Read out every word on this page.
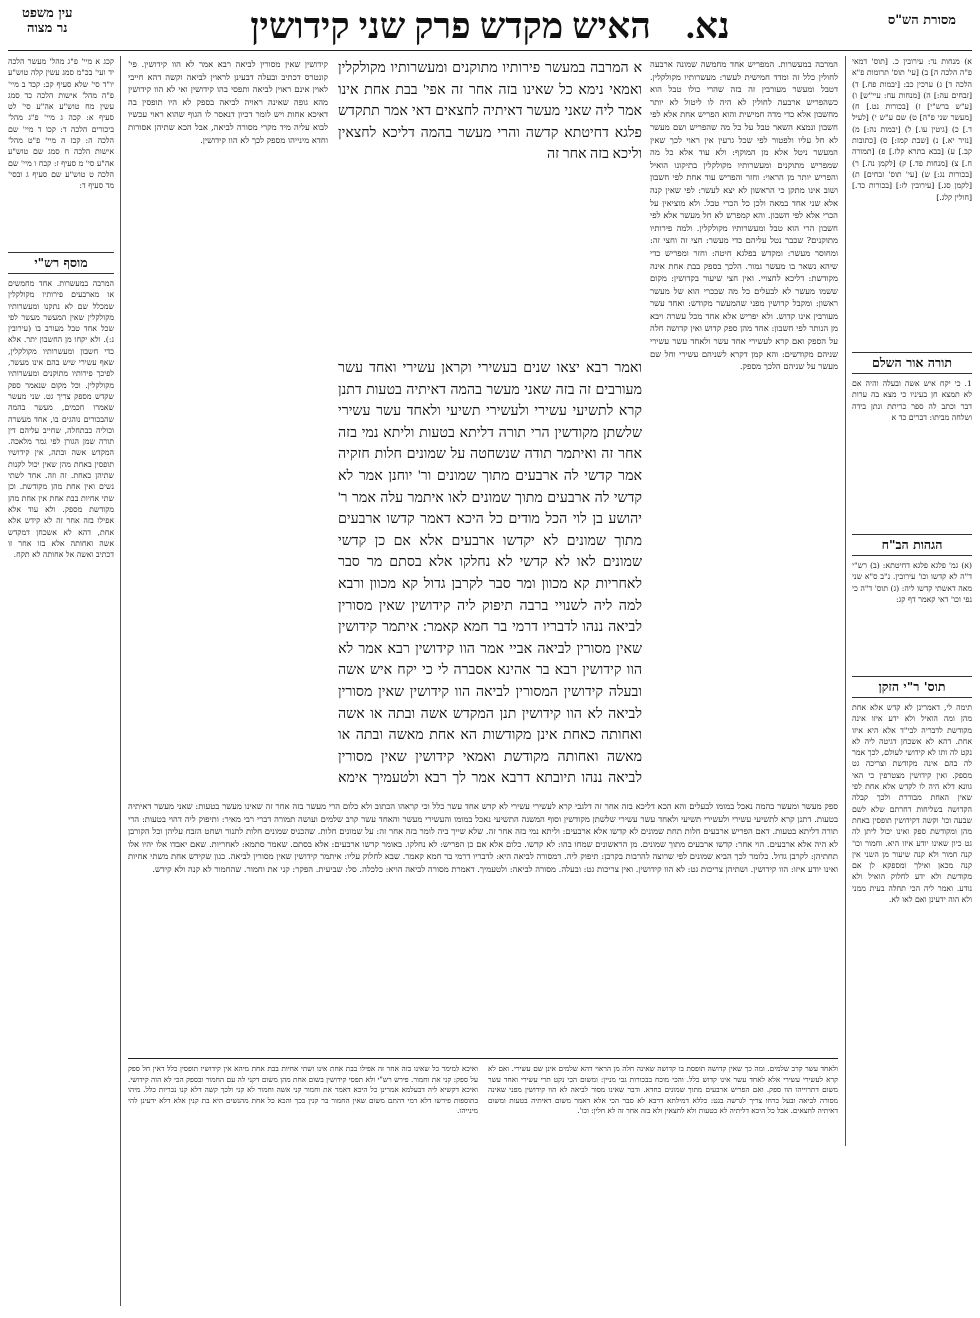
מסורת הש"ס
נא. האיש מקדש פרק שני קידושין
עין משפט
נר מצוה
א) מנחות נד: עירובין כ. [תוס' דמאי פ"ה הלכה ה] ב) [עי' תוס' תרומות פ"א הלכה ד] ג) ערכין כב: [יבמות פח.] ד) [זבחים עה:] ה) [מנחות עח: עיי"ש] ו) [ע"ש ברש"י] ז) [בכורות נט.] ח) [מעשר שני פ"ה] ט) שם ע"ש י) [לעיל ד.] כ) [גיטין עו.] ל) [יבמות נה:] מ) [נזיר יא.] נ) [שבת קמז:] ס) [כתובות קב.] ע) [בבא בתרא קלז.] פ) [תמורה ח.] צ) [מנחות פד.] ק) [לקמן נה.] ר) [בכורות נג:] ש) [עי' תוס' זבחים] ת) [לקמן סג.] [עירובין לז:] [בכורות כד.] [חולין קלג.]
תורה אור השלם
1. כי יקח איש אשה ובעלה והיה אם לא תמצא חן בעיניו כי מצא בה ערות דבר וכתב לה ספר כריתת ונתן בידה ושלחה מביתו: דברים כד א
הגהות הב"ח
(א) גמ' פלגא פלגא דחיטתא: (ב) רש"י ד"ה לא קדשו וכו' עירובין. נ"ב ס"א שני מאה דאשתי קדשו ליה: (ג) תוס' ד"ה כי נפי וכו' דאי קאמר דף קג:
תוס' ר"י הזקן
תימה לי, דאמרינן לא קדש אלא אחת מהן ומה הואיל ולא ידע איזו אינה מקודשת לדבריה לבי"ד אלא היא איזו אחת. דהא לא אשכחן דגיטה ליה לא נקט לה ותו לא קידושי לעולם, לכך אמר לה בהם אינה מקודשת וצריכה גט מספק. ואין קידושין מצטרפין כי האי גוונא דלא היה לו לקדש אלא אחת לפי שאין האחת מבוררת ולכך קבלה הקדושה בשליחות דחרתם שלא לשם שבעה וכו' וקשה דקידושין תופסין באחת מהן ומקודשת ספק ואינו יכול ליתן לה גט כיון שאינו יודע איזו היא. וחמור וכו' קנה חמור ולא קנה שיעור מן השני אין קנה מכאן ואילך ומספקא לן אם מקודשת ולא ידע לחלוק הואיל ולא נודע. ואמר ליה הכי תחלה בעית ממני ולא הוה ידעינן ואם לאו לא.
קכג א מיי' פ"ג מהל' מעשר הלכה יד ועי' בכ"מ סמג עשין קלה טוש"ע יו"ד סי' שלא סעיף קכ: קכד ב מיי' פ"ה מהל' אישות הלכה כד סמג עשין מח טוש"ע אה"ע סי' לט סעיף א: קכה ג מיי' פ"ג מהל' ביכורים הלכה ד: קכו ד מיי' שם הלכה ה: קכז ה מיי' פ"ט מהל' אישות הלכה ח סמג שם טוש"ע אה"ע סי' מ סעיף ז: קכח ו מיי' שם הלכה ט טוש"ע שם סעיף ג ובסי' מד סעיף ד:
מוסף רש"י
המרבה במעשרות. אחד מחמשים או מארבעים פירותיו מקולקלין שמכלל שם לא נתקנו ומעשרותיו מקולקלין שאין המעשר מעשר לפי שכל אחד טבל מעורב בו (עירובין נ:). ולא יקחו מן החשבון יתר. אלא כדי חשבון ומעשרותיו מקולקלין, שאף עשירי שיש בהם אינו מעשר, לפיכך פירותיו מתוקנים ומעשרותיו מקולקלין. וכל מקום שנאמר ספק שקדש מספק צריך גט. שני מעשר שאמרו חכמים, מעשר בהמה שהבכורים נוהגים בו, אחד מעשרה וכוליה כבתחלה, שחייב עליהם דין תורה שמן הגורן לפי גמר מלאכה. המקדש אשה ובתה, אין קידושיו תופסין באחת מהן שאין יכול לקנות שתיהן כאחת. זה וזה. אחד לשתי נשים ואין אחת מהן מקודשת. וכן שתי אחיות בבת אחת אין אחת מהן מקודשת מספק. ולא עוד אלא אפילו בזה אחר זה לא קידש אלא אחת, דהא לא אשכחן דמקדש אשה ואחותה אלא בזו אחר זו דכתיב ואשה אל אחותה לא תקח.
המרבה במעשרות. המפריש אחד מחמשה שמונה ארבעה לחולין כלל זה ומדד חמישית לעשר: מעשרותיו מקולקלין. דטבל ומעשר מעורבין זה בזה שהרי כולו טבל הוא כשהפריש ארבעה לחולין לא היה לו ליטול לא יותר מחשבון אלא כדי מדה חמישית והוא הפריש אחת אלא לפי חשבון ונמצא השאר טבל על כל מה שהפריש ושם מעשר לא חל עליו ולפטור לפי שכל גרעין אין ראוי לכך שאין המעשר ניטל אלא מן המוקף: ולא עוד אלא כל מה שמפריש מתוקנים ומעשרותיו מקולקלין בתיקונו הואיל והפריש יותר מן הראוי: וחזר והפריש עוד אחת לפי חשבון ושוב אינו מתקן כי הראשון לא יצא לעשר: לפי שאין קנה אלא שני אחד במאה ולכן כל הכרי טבל. ולא מוציאין על הכרי אלא לפי חשבון. והא קמפרש לא חל מעשר אלא לפי חשבון הרי הוא טבל ומעשרותיו מקולקלין. ולמה פירותיו מתוקנים? שכבר נטל עליהם כדי מעשר: חצי זה וחצי זה: ומחוסר מעשר: ומקדש בפלגא חיטה: וחזר ומפריש כדי שיהא נשאר בו מעשר גמור. הלכך בספק בבת אחת אינה מקודשת: דליכא לחצויי. ואין חצי שיעור בקדושין: מקום ששמו מעשר לא לבעלים כל מה שבכרי הוא של מעשר ראשון: ומקבל קדושין מפני שהמעשר מקודש: ואחד עשר מעורבין אינו קדוש. ולא יפריש אלא אחד מכל עשרה ויבא מן הנותר לפי חשבון: אחד מהן ספק קדוש ואין קדושה חלה על הספק ואם קרא לעשירי אחד עשר ולאחד עשר עשירי שניהם מקודשים: והא קמן דקרא לשניהם עשירי וחל שם מעשר על שניהם הלכך מספק.
קידושין שאין מסורין לביאה רבא אמר לא הוו קידושין. פי' קונטרס דכתיב ובעלה דבעינן לראוין לביאה וקשה דהא חייבי לאוין אינם ראוין לביאה ותפסי בהו קידושין ואי לא הוו קידושין מהא גופה שאינה ראויה לביאה בספק לא היו תופסין בה דאיכא אחות ויש לומר דכיון דנאסר לו הגוף שהוא ראוי עכשיו לבוא עליה מיד מקרי מסורה לביאה, אבל הכא שתיהן אסורות וחדא מינייהו מספק לכך לא הוו קידושין.
א המרבה במעשר פירותיו מתוקנים ומעשרותיו מקולקלין ואמאי נימא כל שאינו בזה אחר זה אפי' בבת אחת אינו אמר ליה שאני מעשר דאיתיה לחצאים דאי אמר תתקדש פלגא דחיטתא קדשה והרי מעשר בהמה דליכא לחצאין וליכא בזה אחר זה
ואמר רבא יצאו שנים בעשירי וקראן עשירי ואחד עשר מעורבים זה בזה שאני מעשר בהמה דאיתיה בטעות דתנן קרא לתשיעי עשירי ולעשירי תשיעי ולאחד עשר עשירי שלשתן מקודשין הרי תורה דליתא בטעות וליתא נמי בזה אחר זה ואיתמר תודה שנשחטה על שמונים חלות חזקיה אמר קדשי לה ארבעים מתוך שמונים ור' יוחנן אמר לא קדשי לה ארבעים מתוך שמונים לאו איתמר עלה אמר ר' יהושע בן לוי הכל מודים כל היכא דאמר קדשו ארבעים מתוך שמונים לא יקדשו ארבעים אלא אם כן קדשי שמונים לאו לא קדשי לא נחלקו אלא בסתם מר סבר לאחריות קא מכוון ומר סבר לקרבן גדול קא מכוון ורבא למה ליה לשנויי ברבה תיפוק ליה קידושין שאין מסורין לביאה ננהו לדבריו דרמי בר חמא קאמר: איתמר קידושין שאין מסורין לביאה אביי אמר הוו קידושין רבא אמר לא הוו קידושין רבא בר אהינא אסברה לי כי יקח איש אשה ובעלה קידושין המסורין לביאה הוו קידושין שאין מסורין לביאה לא הוו קידושין תנן המקדש אשה ובתה או אשה ואחותה כאחת אינן מקודשות הא אחת מאשה ובתה או מאשה ואחותה מקודשת ואמאי קידושין שאין מסורין לביאה ננהו תיובתא דרבא אמר לך רבא ולטעמיך אימא
ספק מעשר ומעשר בהמה נאכל במומו לבעלים והא הכא דליכא בזה אחר זה דלגבי קרא לעשירי עשירי לא קדש אחד עשר כלל וכי קראהו הכתוב ולא כלום הרי מעשר בזה אחר זה שאינו מעשר בטעות: שאני מעשר דאיתיה בטעות. דתנן קרא לתשיעי עשירי ולעשירי תשיעי ולאחד עשר עשירי שלשתן מקודשין וסוף המשנה התשיעי נאכל במומו והעשירי מעשר והאחד עשר קרב שלמים ועושה תמורה דברי רבי מאיר: ותיפוק ליה דהוי בטעות: הרי תורה דליתא בטעות. דאם הפריש ארבעים חלות תחת שמונים לא קדשו אלא ארבעים: וליתא נמי בזה אחר זה. שלא שייך ביה לומר בזה אחר זה: על שמונים חלות. שהכניס שמונים חלות לתנור ושחט הזבח עליהן וכל הקורבן לא היה אלא ארבעים. הוי אחר: קדשו ארבעים מתוך שמונים. מן הראשונים שמחו בהו: לא קדשו. כלום אלא אם כן הפריש: לא נחלקו. באומר קדשו ארבעים: אלא בסתם. שאמר סתמא: לאחריות. שאם יאבדו אלו יהיו אלו תחתיהן: לקרבן גדול. כלומר לכך הביא שמונים לפי שרוצה להרבות בקרבן: תיפוק ליה. דמסורה לביאה היא: לדבריו דרמי בר חמא קאמר. שבא לחלוק עליו: איתמר קידושין שאין מסורין לביאה. כגון שקידש אחת משתי אחיות ואינו יודע איזו: הוו קידושין. ושתיהן צריכות גט: לא הוו קידושין. ואין צריכות גט: ובעלה. מסורה לביאה: ולטעמיך. דאמרת מסורה לביאה הויא: כלכלה. סל: שביעית. הפקר: קני את וחמור. שהחמור לא קנה ולא קידש.
ולאחד עשר קרב שלמים. ומה כך שאין קדושה תופסת בו קדושה שאינה חלה מן הראוי דהא שלמים אינן שם עשירי. ואם לא קרא לעשירי עשירי אלא לאחד עשר אינו קדוש כלל. והכי מוכח בבכורות גבי מניין: ומשום הכי נקט תרי עשירי ואחד עשר משום דתרוייהו הוו ספק. ואם הפריש ארבעים מתוך שמונים כחדא. ודבר שאינו מסור לביאה לא הוו קידושין מפני שאינה מסורה לביאה ובעל כרחו צריך לגרשה בגט: כללא דמילתא דרבא לא סבר הכי אלא דאמר משום דאיתיה בטעות ומשום דאיתיה לחצאים. אבל כל היכא דליתיה לא בטעות ולא לחצאין ולא בזה אחר זה לא חלין: וכו'.
ואיכא למימר כל שאינו בזה אחר זה אפילו בבת אחת אינו ושתי אחיות בבת אחת מיהא אין קידושיו תופסין כלל דאין חל ספק על ספק: קני את וחמור. פירש רש"י ולא תפסי קידושין בשום אחת מהן משום דקני לה עם החמור ובספק הכי לא הוה קידושי. ואיכא דקשיא ליה דבעלמא אמרינן כל היכא דאמר את וחמור קני אשה וחמור לא קני ולכך קשה דלא קנו נכריות כלל. מיהו בתוספות פירשו דלא דמי דהתם משום שאין החמור בר קנין בכך והכא כל אחת מהנשים היא בת קנין אלא דלא ידעינן להי מינייהו.
